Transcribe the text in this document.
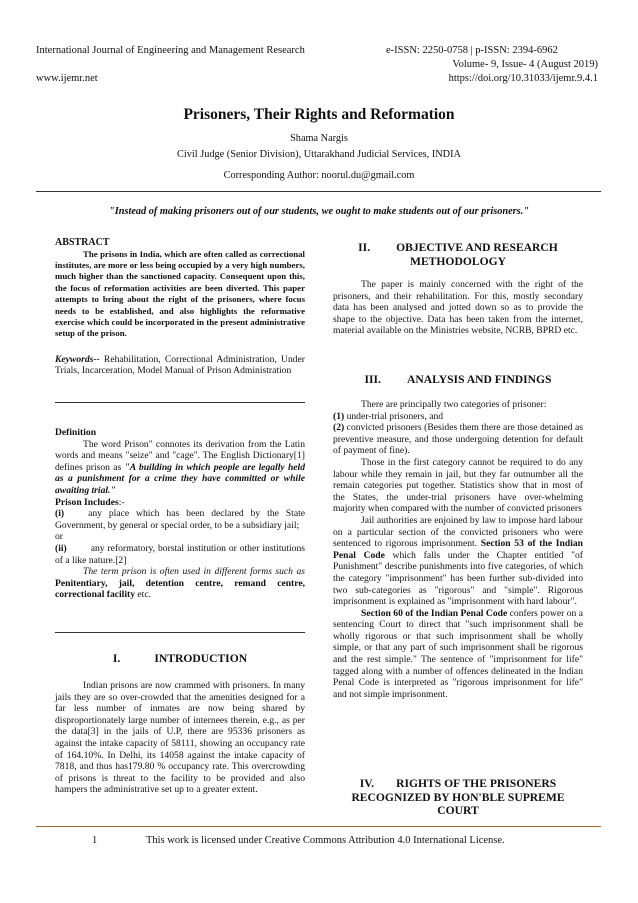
International Journal of Engineering and Management Research	e-ISSN: 2250-0758 | p-ISSN: 2394-6962
Volume- 9, Issue- 4 (August 2019)
www.ijemr.net	https://doi.org/10.31033/ijemr.9.4.1
Prisoners, Their Rights and Reformation
Shama Nargis
Civil Judge (Senior Division), Uttarakhand Judicial Services, INDIA
Corresponding Author: noorul.du@gmail.com
"Instead of making prisoners out of our students, we ought to make students out of our prisoners."

ABSTRACT

The prisons in India, which are often called as correctional institutes, are more or less being occupied by a very high numbers, much higher than the sanctioned capacity. Consequent upon this, the focus of reformation activities are been diverted. This paper attempts to bring about the right of the prisoners, where focus needs to be established, and also highlights the reformative exercise which could be incorporated in the present administrative setup of the prison.

Keywords-- Rehabilitation, Correctional Administration, Under Trials, Incarceration, Model Manual of Prison Administration

Definition

The word Prison" connotes its derivation from the Latin words and means "seize" and "cage". The English Dictionary[1] defines prison as "A building in which people are legally held as a punishment for a crime they have committed or while awaiting trial."

Prison Includes:-

(i)	any place which has been declared by the State Government, by general or special order, to be a subsidiary jail;

or

(ii)	any reformatory, borstal institution or other institutions of a like nature.[2]

The term prison is often used in different forms such as Penitentiary, jail, detention centre, remand centre, correctional facility etc.

I.	INTRODUCTION

Indian prisons are now crammed with prisoners. In many jails they are so over-crowded that the amenities designed for a far less number of inmates are now being shared by disproportionately large number of internees therein, e.g., as per the data[3] in the jails of U.P, there are 95336 prisoners as against the intake capacity of 58111, showing an occupancy rate of 164.10%. In Delhi, its 14058 against the intake capacity of 7818, and thus has179.80 % occupancy rate. This overcrowding of prisons is threat to the facility to be provided and also hampers the administrative set up to a greater extent.

II. OBJECTIVE AND RESEARCH
METHODOLOGY

The paper is mainly concerned with the right of the prisoners, and their rehabilitation. For this, mostly secondary data has been analysed and jotted down so as to provide the shape to the objective. Data has been taken from the internet, material available on the Ministries website, NCRB, BPRD etc.

III. ANALYSIS AND FINDINGS

There are principally two categories of prisoner:

(1) under-trial prisoners, and

(2) convicted prisoners (Besides them there are those detained as preventive measure, and those undergoing detention for default of payment of fine).

Those in the first category cannot be required to do any labour while they remain in jail, but they far outnumber all the remain categories put together. Statistics show that in most of the States, the under-trial prisoners have over-whelming majority when compared with the number of convicted prisoners

Jail authorities are enjoined by law to impose hard labour on a particular section of the convicted prisoners who were sentenced to rigorous imprisonment. Section 53 of the Indian Penal Code which falls under the Chapter entitled "of Punishment" describe punishments into five categories, of which the category "imprisonment" has been further sub-divided into two sub-categories as "rigorous" and "simple". Rigorous imprisonment is explained as "imprisonment with hard labour".

Section 60 of the Indian Penal Code confers power on a sentencing Court to direct that "such imprisonment shall be wholly rigorous or that such imprisonment shall be wholly simple, or that any part of such imprisonment shall be rigorous and the rest simple." The sentence of "imprisonment for life" tagged along with a number of offences delineated in the Indian Penal Code is interpreted as "rigorous imprisonment for life" and not simple imprisonment.

IV. RIGHTS OF THE PRISONERS
RECOGNIZED BY HON'BLE SUPREME
COURT
1	This work is licensed under Creative Commons Attribution 4.0 International License.
